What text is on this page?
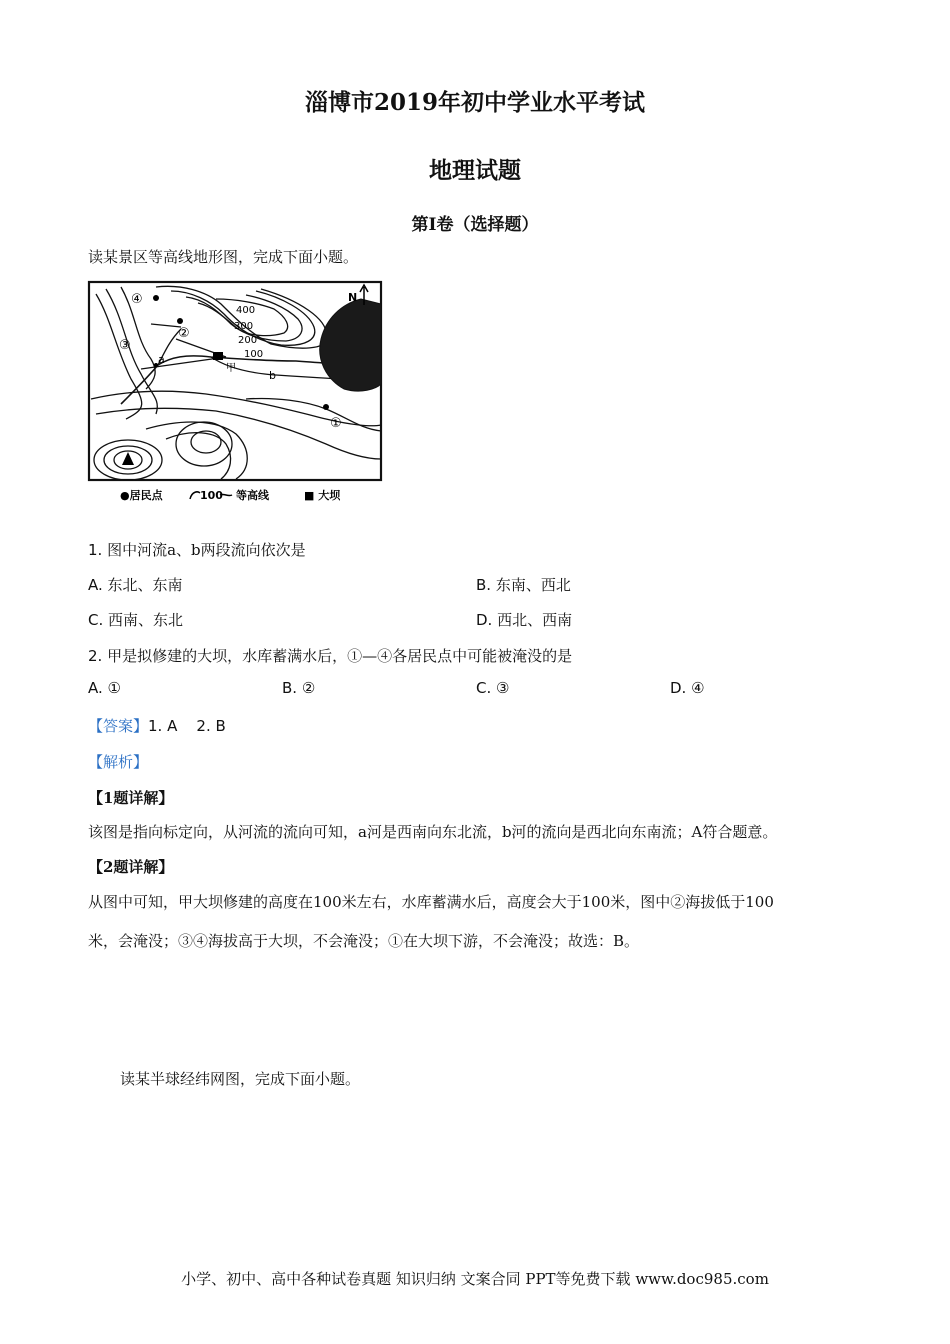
淄博市2019年初中学业水平考试
地理试题
第Ⅰ卷（选择题）
读某景区等高线地形图，完成下面小题。
400
300
200
100
N
④
②
③
①
a
b
甲
●居民点	100 等高线	■ 大坝
1. 图中河流a、b两段流向依次是
A. 东北、东南	B. 东南、西北
C. 西南、东北	D. 西北、西南
2. 甲是拟修建的大坝，水库蓄满水后，①—④各居民点中可能被淹没的是
A. ①	B. ②	C. ③	D. ④
【答案】1. A    2. B
【解析】
【1题详解】
该图是指向标定向，从河流的流向可知，a河是西南向东北流，b河的流向是西北向东南流；A符合题意。
【2题详解】
从图中可知，甲大坝修建的高度在100米左右，水库蓄满水后，高度会大于100米，图中②海拔低于100
米，会淹没；③④海拔高于大坝，不会淹没；①在大坝下游，不会淹没；故选：B。
读某半球经纬网图，完成下面小题。
小学、初中、高中各种试卷真题 知识归纳 文案合同 PPT等免费下载 www.doc985.com
